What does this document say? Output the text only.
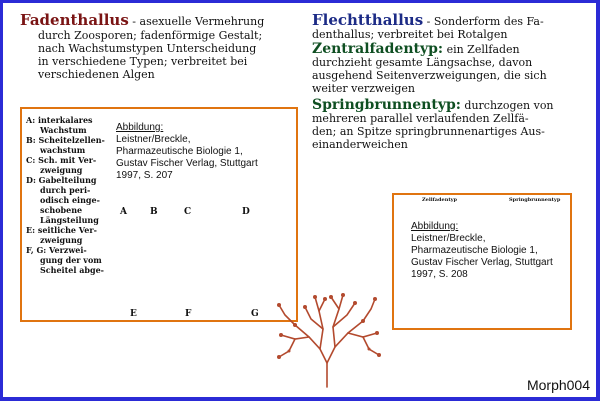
Fadenthallus - asexuelle Vermehrung
durch Zoosporen; fadenförmige Gestalt;
nach Wachstumstypen Unterscheidung
in verschiedene Typen; verbreitet bei
verschiedenen Algen
Flechtthallus - Sonderform des Fa-
denthallus; verbreitet bei Rotalgen
Zentralfadentyp: ein Zellfaden
durchzieht gesamte Längsachse, davon
ausgehend Seitenverzweigungen, die sich
weiter verzweigen
Springbrunnentyp: durchzogen von
mehreren parallel verlaufenden Zellfä-
den; an Spitze springbrunnenartiges Aus-
einanderweichen
A: interkalares
Wachstum
B: Scheitelzellen-
wachstum
C: Sch. mit Ver-
zweigung
D: Gabelteilung
durch peri-
odisch einge-
schobene
Längsteilung
E: seitliche Ver-
zweigung
F, G: Verzwei-
gung der vom
Scheitel abge-
Abbildung:
Leistner/Breckle,
Pharmazeutische Biologie 1,
Gustav Fischer Verlag, Stuttgart
1997, S. 207
A	B	C	D
E	F	G
Zellfadentyp	Springbrunnentyp
Abbildung:
Leistner/Breckle,
Pharmazeutische Biologie 1,
Gustav Fischer Verlag, Stuttgart
1997, S. 208
Morph004
